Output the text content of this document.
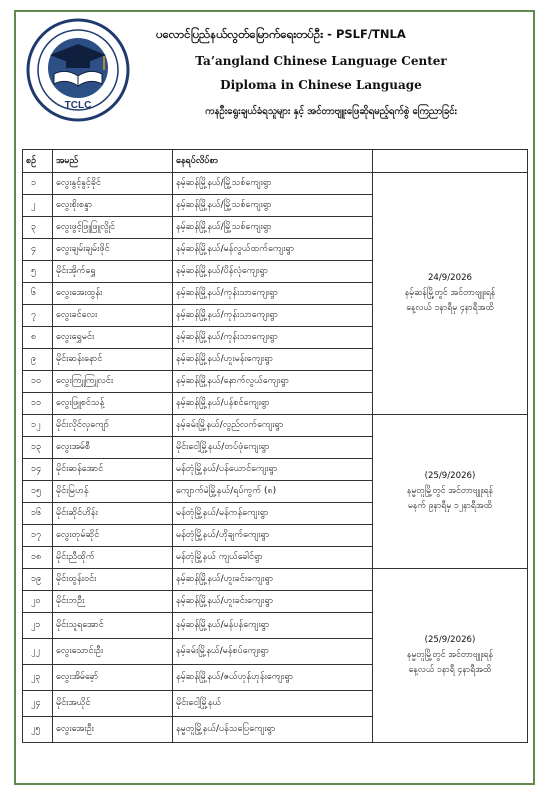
TCLC
ပလောင်ပြည်နယ်လွတ်မြောက်ရေးတပ်ဦး - PSLF/TNLA
Ta’angland Chinese Language Center
Diploma in Chinese Language
ကနဦးရွေးချယ်ခံရသူများ နှင့် အင်တာဗျူးဖြေဆိုရမည့်ရက်စွဲ ကြေညာခြင်း
စဉ်	အမည်	နေရပ်လိပ်စာ	
၁	လွေးနွင့်နွင့်ခိုင်	နမ့်ဆန်မြို့နယ်/မြို့သစ်ကျေးရွာ	24/9/2026
နမ့်ဆန်မြို့တွင် အင်တာဗျူးရန်
နေ့လယ် ၁နာရီမှ ၄နာရီအထိ

၂	လွေးစိုးစန္ဒာ	နမ့်ဆန်မြို့နယ်/မြို့သစ်ကျေးရွာ	
၃	လွေးဖွင့်ဖြူဖြူလွိုင်	နမ့်ဆန်မြို့နယ်/မြို့သစ်ကျေးရွာ	
၄	လွေးချမ်းချမ်းဖိုင်	နမ့်ဆန်မြို့နယ်/မန်လွယ်ထက်ကျေးရွာ	
၅	မိုင်းအိုက်ရွှေ	နမ့်ဆန်မြို့နယ်/ပိန်လုံကျေးရွာ	
၆	လွေးအေးထွန်း	နမ့်ဆန်မြို့နယ်/ကုန်းသာကျေးရွာ	
၇	လွေးခင်လေး	နမ့်ဆန်မြို့နယ်/ကုန်းသာကျေးရွာ	
၈	လွေးရွှေမင်း	နမ့်ဆန်မြို့နယ်/ကုန်းသာကျေးရွာ	
၉	မိုင်းဆန်းနောင်	နမ့်ဆန်မြို့နယ်/ဟူးမန်းကျေးရွာ	
၁၀	လွေးကြူကြူလင်း	နမ့်ဆန်မြို့နယ်/နောက်လွယ်ကျေးရွာ	
၁၁	လွေးဖြူစင်သန့်	နမ့်ဆန်မြို့နယ်/ပန်စင်ကျေးရွာ	
၁၂	မိုင်းလိုင်လှကျော်	နမ့်ခမ်းမြို့နယ်/လွည်လက်ကျေးရွာ	(25/9/2026)
နမ္မတူမြို့တွင် အင်တာဗျူးရန်
မနက် ၉နာရီမှ ၁၂နာရီအထိ

၁၃	လွေးအမ်စီ	မိုင်းငေါ့မြို့နယ်/တပ်ဖုံကျေးရွာ	
၁၄	မိုင်းဆန်အောင်	မန်တုံမြို့နယ်/ပန်ယောင်ကျေးရွာ	
၁၅	မိုင်းမြဟန်	ကျောက်မဲမြို့နယ်/ရပ်ကွက် (၈)	
၁၆	မိုင်းဆိုင်ဟိန်း	မန်တုံမြို့နယ်/မန်ကန်ကျေးရွာ	
၁၇	လွေးတုမ်ဆိုင်	မန်တုံမြို့နယ်/ဟိုချက်ကျေးရွာ	
၁၈	မိုင်းညီထိုက်	မန်တုံမြို့နယ် ကျယ်ခေါင်ရွာ	
၁၉	မိုင်းထွန်းဝင်း	နမ့်ဆန်မြို့နယ်/ဟူးခင်းကျေးရွာ	(25/9/2026)
နမ္မတူမြို့တွင် အင်တာဗျူးရန်
နေ့လယ် ၁နာရီ ၄နာရီအထိ

၂၀	မိုင်းဘဉီး	နမ့်ဆန်မြို့နယ်/ဟူးခင်းကျေးရွာ	
၂၁	မိုင်းသူရအောင်	နမ့်ဆန်မြို့နယ်/မန်ပန်ကျေးရွာ	
၂၂	လွေးသောင်းဦး	နမ့်ခမ်းမြို့နယ်/မန်စပ်ကျေးရွာ	
၂၃	လွေးအိမ်ခေ့ာ်	နမ့်ဆန်မြို့နယ်/ဇယ်ဟုန်ဟုန်းကျေးရွာ	
၂၄	မိုင်းအယိုင်	မိုင်းငေါ့မြို့နယ်	
၂၅	လွေးအေးဦး	နမ္မတူမြို့နယ်/ပန်သပြေကျေးရွာ	
